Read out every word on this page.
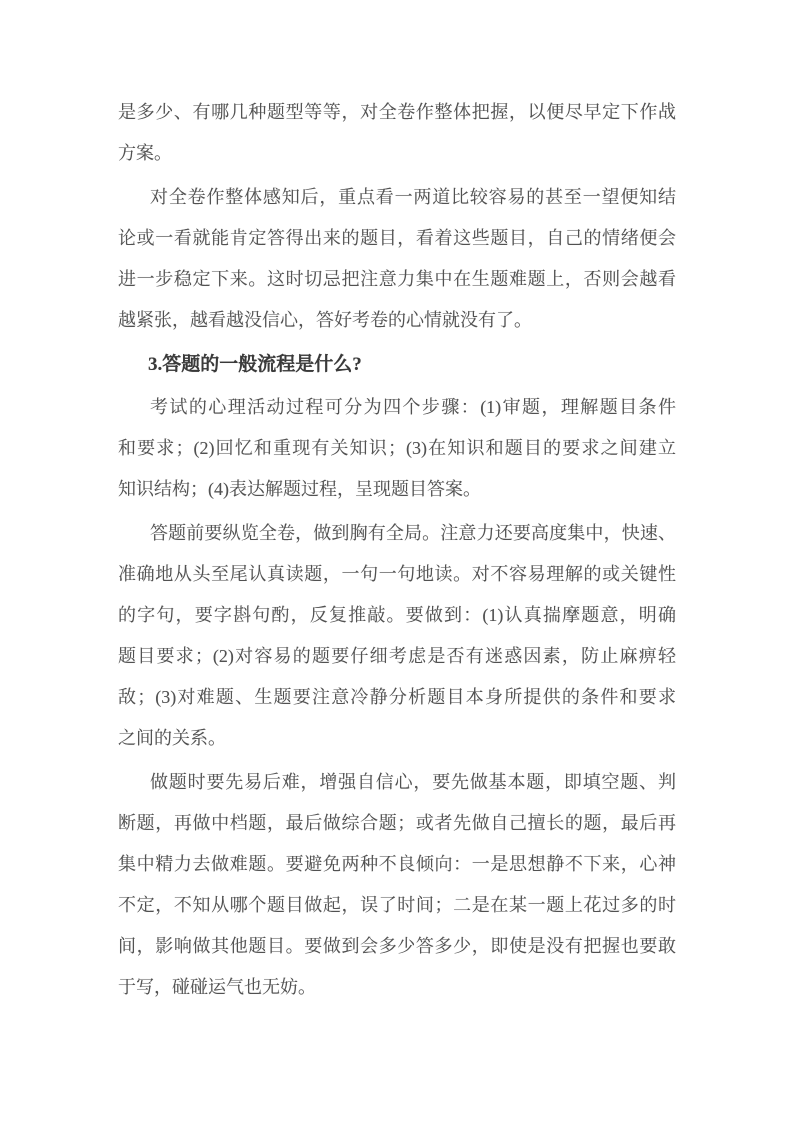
是多少、有哪几种题型等等，对全卷作整体把握，以便尽早定下作战
方案。
对全卷作整体感知后，重点看一两道比较容易的甚至一望便知结
论或一看就能肯定答得出来的题目，看着这些题目，自己的情绪便会
进一步稳定下来。这时切忌把注意力集中在生题难题上，否则会越看
越紧张，越看越没信心，答好考卷的心情就没有了。
3.答题的一般流程是什么?
考试的心理活动过程可分为四个步骤：(1)审题，理解题目条件
和要求；(2)回忆和重现有关知识；(3)在知识和题目的要求之间建立
知识结构；(4)表达解题过程，呈现题目答案。
答题前要纵览全卷，做到胸有全局。注意力还要高度集中，快速、
准确地从头至尾认真读题，一句一句地读。对不容易理解的或关键性
的字句，要字斟句酌，反复推敲。要做到：(1)认真揣摩题意，明确
题目要求；(2)对容易的题要仔细考虑是否有迷惑因素，防止麻痹轻
敌；(3)对难题、生题要注意冷静分析题目本身所提供的条件和要求
之间的关系。
做题时要先易后难，增强自信心，要先做基本题，即填空题、判
断题，再做中档题，最后做综合题；或者先做自己擅长的题，最后再
集中精力去做难题。要避免两种不良倾向：一是思想静不下来，心神
不定，不知从哪个题目做起，误了时间；二是在某一题上花过多的时
间，影响做其他题目。要做到会多少答多少，即使是没有把握也要敢
于写，碰碰运气也无妨。
